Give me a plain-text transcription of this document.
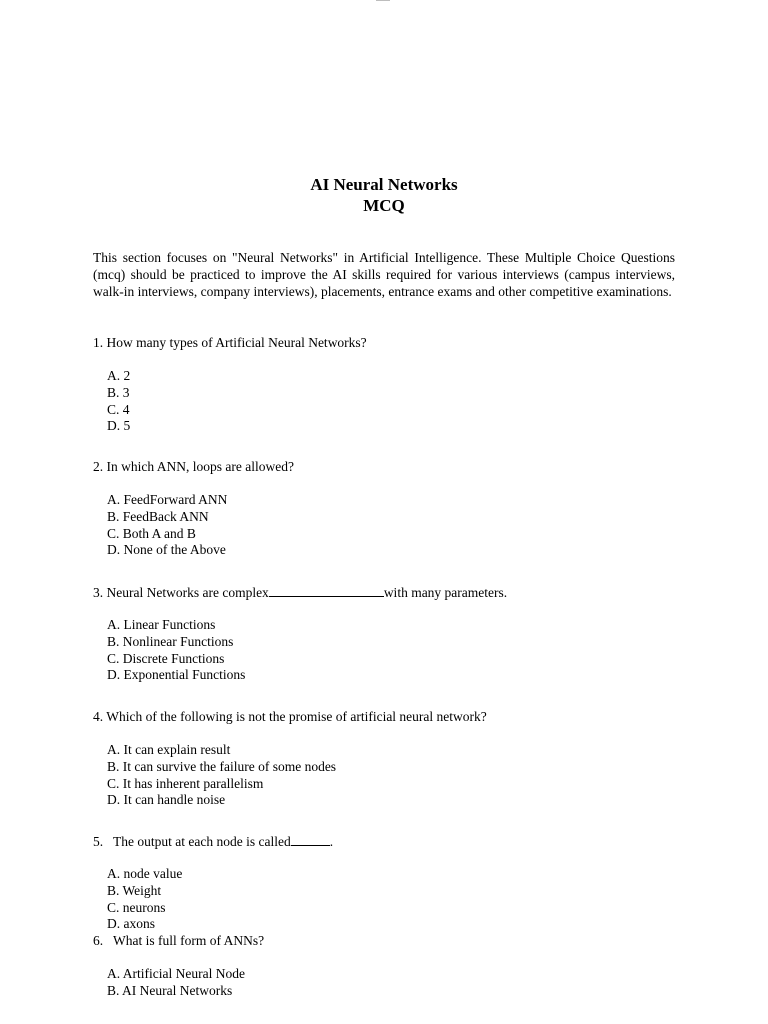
AI Neural Networks
MCQ
This section focuses on "Neural Networks" in Artificial Intelligence. These Multiple Choice Questions (mcq) should be practiced to improve the AI skills required for various interviews (campus interviews, walk-in interviews, company interviews), placements, entrance exams and other competitive examinations.
1. How many types of Artificial Neural Networks?
A. 2
B. 3
C. 4
D. 5
2. In which ANN, loops are allowed?
A. FeedForward ANN
B. FeedBack ANN
C. Both A and B
D. None of the Above
3. Neural Networks are complex	with many parameters.
A. Linear Functions
B. Nonlinear Functions
C. Discrete Functions
D. Exponential Functions
4. Which of the following is not the promise of artificial neural network?
A. It can explain result
B. It can survive the failure of some nodes
C. It has inherent parallelism
D. It can handle noise
5.   The output at each node is called	.
A. node value
B. Weight
C. neurons
D. axons
6.   What is full form of ANNs?
A. Artificial Neural Node
B. AI Neural Networks
